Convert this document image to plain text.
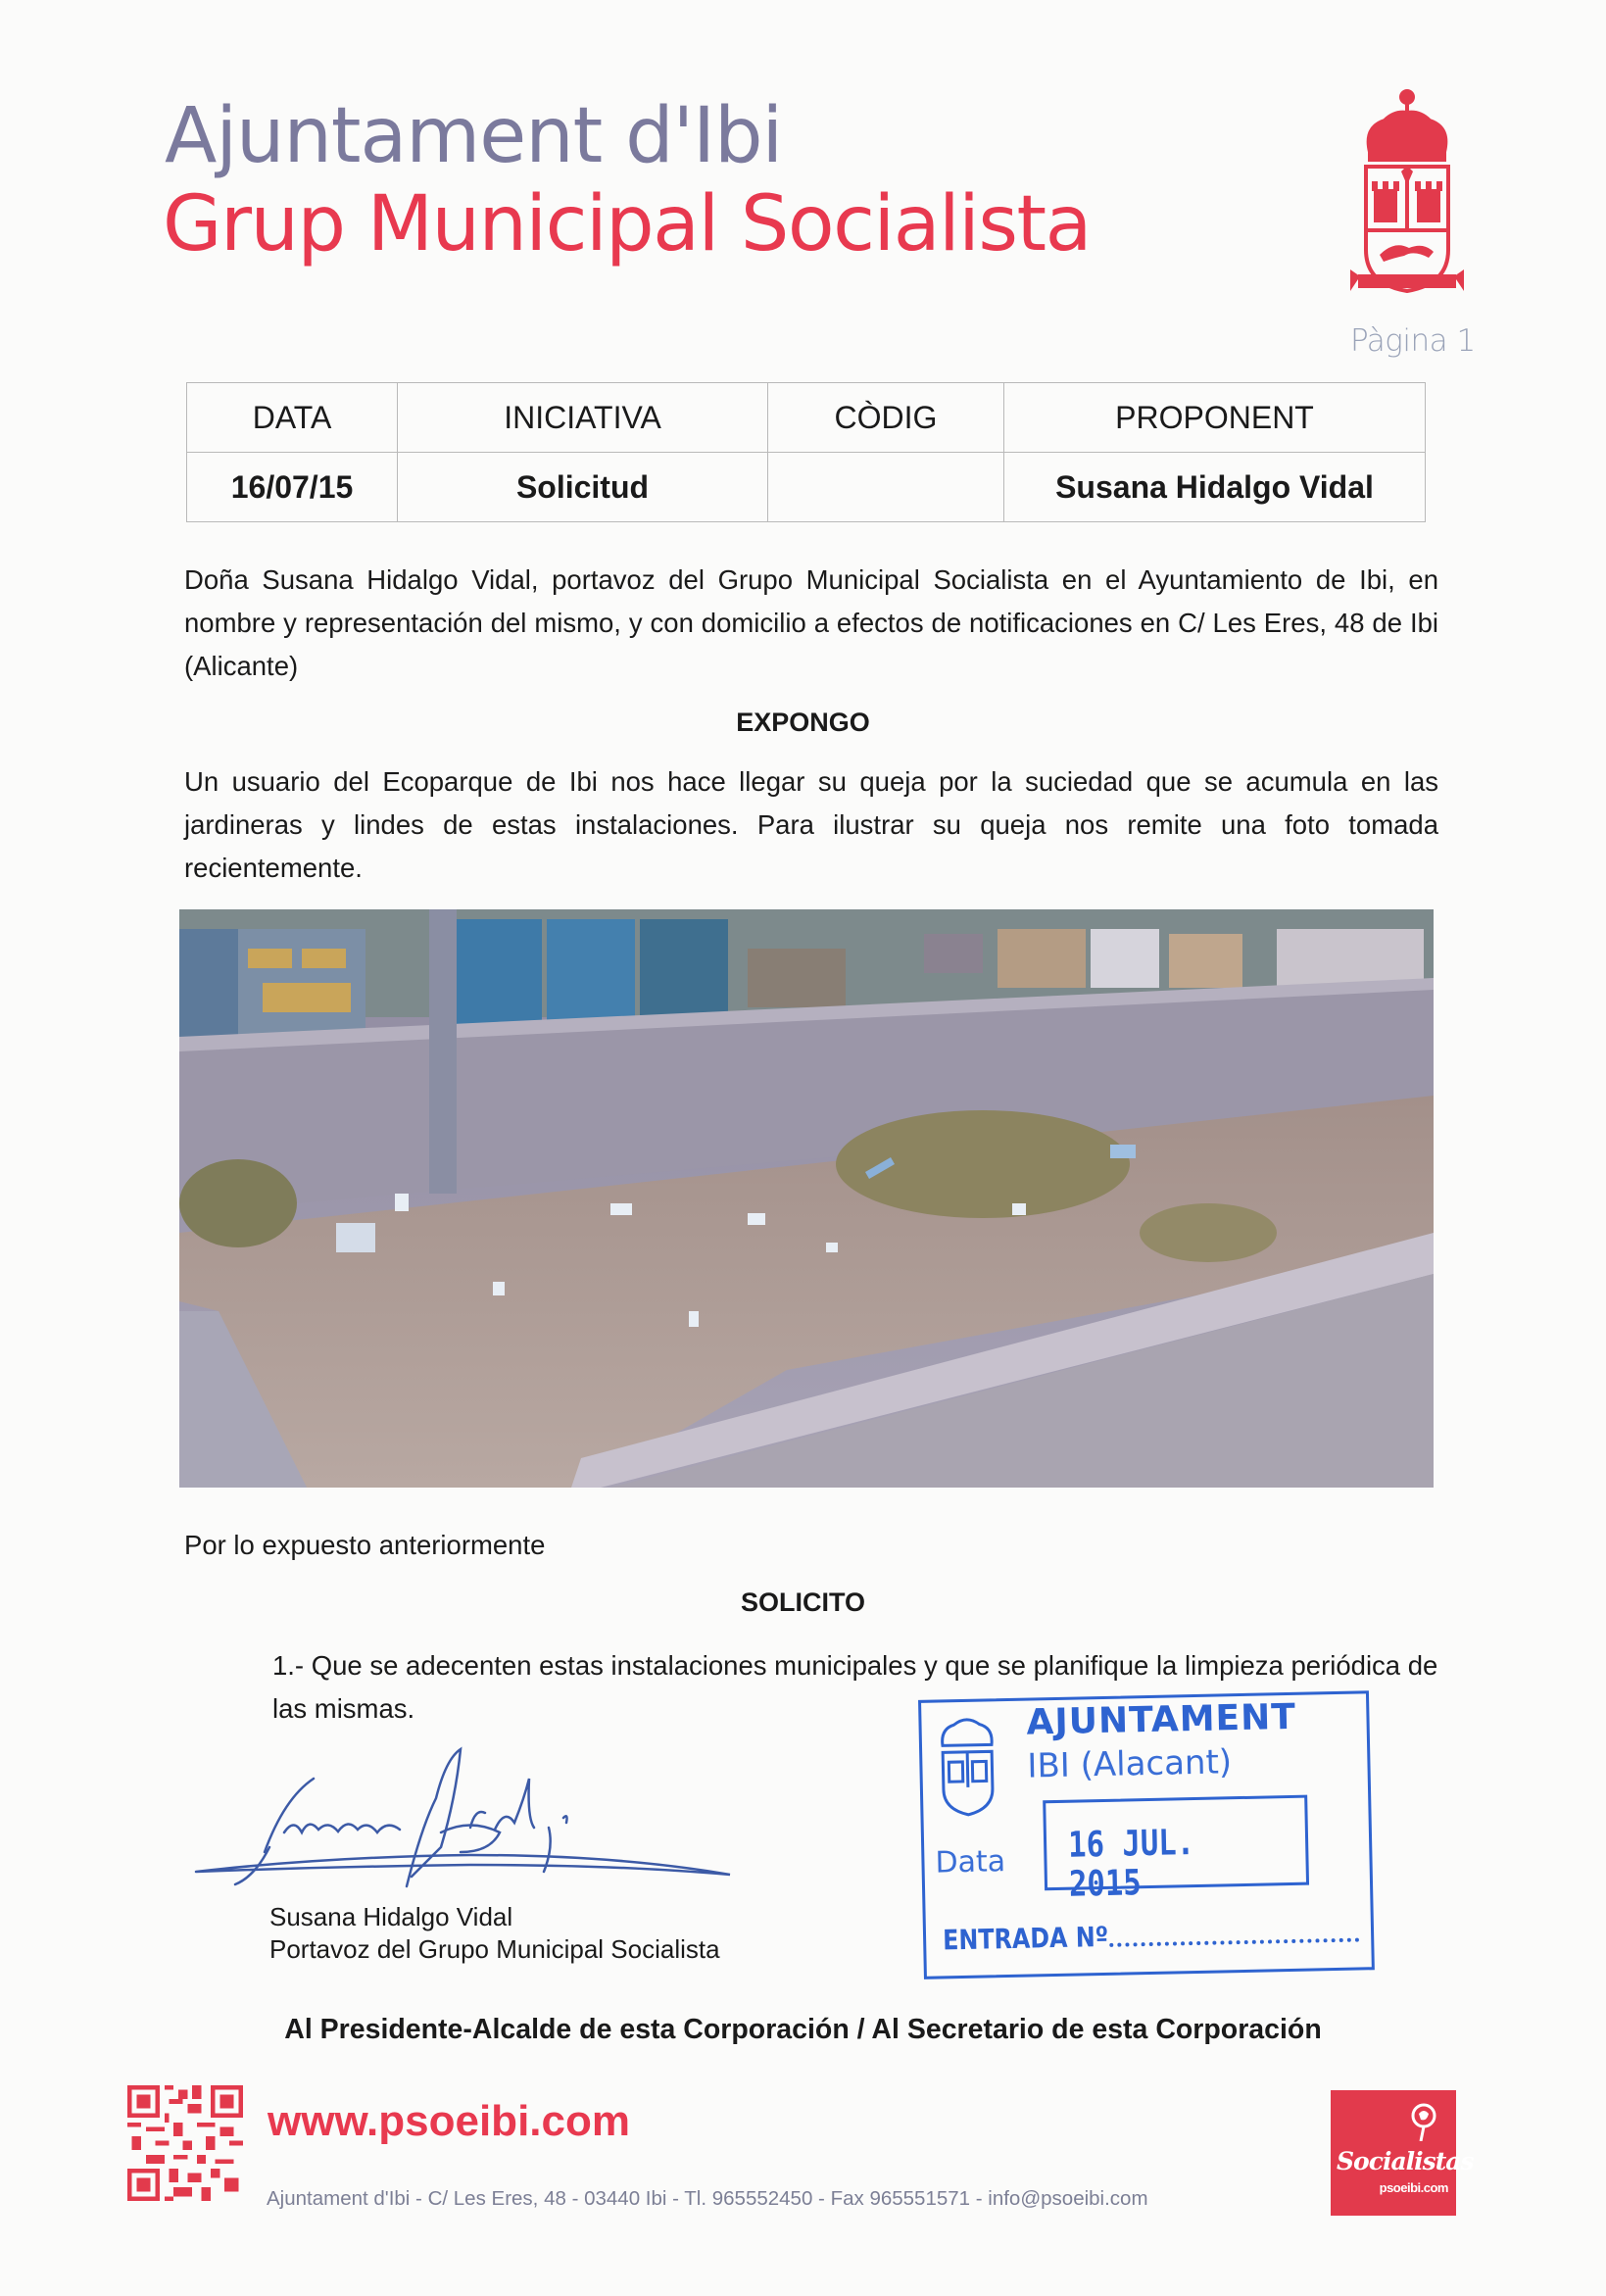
Ajuntament d'Ibi
Grup Municipal Socialista
Pàgina 1
DATA	INICIATIVA	CÒDIG	PROPONENT
16/07/15	Solicitud		Susana Hidalgo Vidal
Doña Susana Hidalgo Vidal, portavoz del Grupo Municipal Socialista en el Ayuntamiento de Ibi, en nombre y representación del mismo, y con domicilio a efectos de notificaciones en C/ Les Eres, 48 de Ibi (Alicante)
EXPONGO
Un usuario del Ecoparque de Ibi nos hace llegar su queja por la suciedad que se acumula en las jardineras y lindes de estas instalaciones. Para ilustrar su queja nos remite una foto tomada recientemente.
Por lo expuesto anteriormente
SOLICITO
1.- Que se adecenten estas instalaciones municipales y que se planifique la limpieza periódica de las mismas.	AJUNTAMENT
IBI (Alacant)
16 JUL. 2015
Data
ENTRADA Nº
Susana Hidalgo Vidal
Portavoz del Grupo Municipal Socialista
Al Presidente-Alcalde de esta Corporación / Al Secretario de esta Corporación
www.psoeibi.com
Ajuntament d'Ibi - C/ Les Eres, 48 - 03440 Ibi - Tl. 965552450 - Fax 965551571 - info@psoeibi.com
Socialistas
psoeibi.com
